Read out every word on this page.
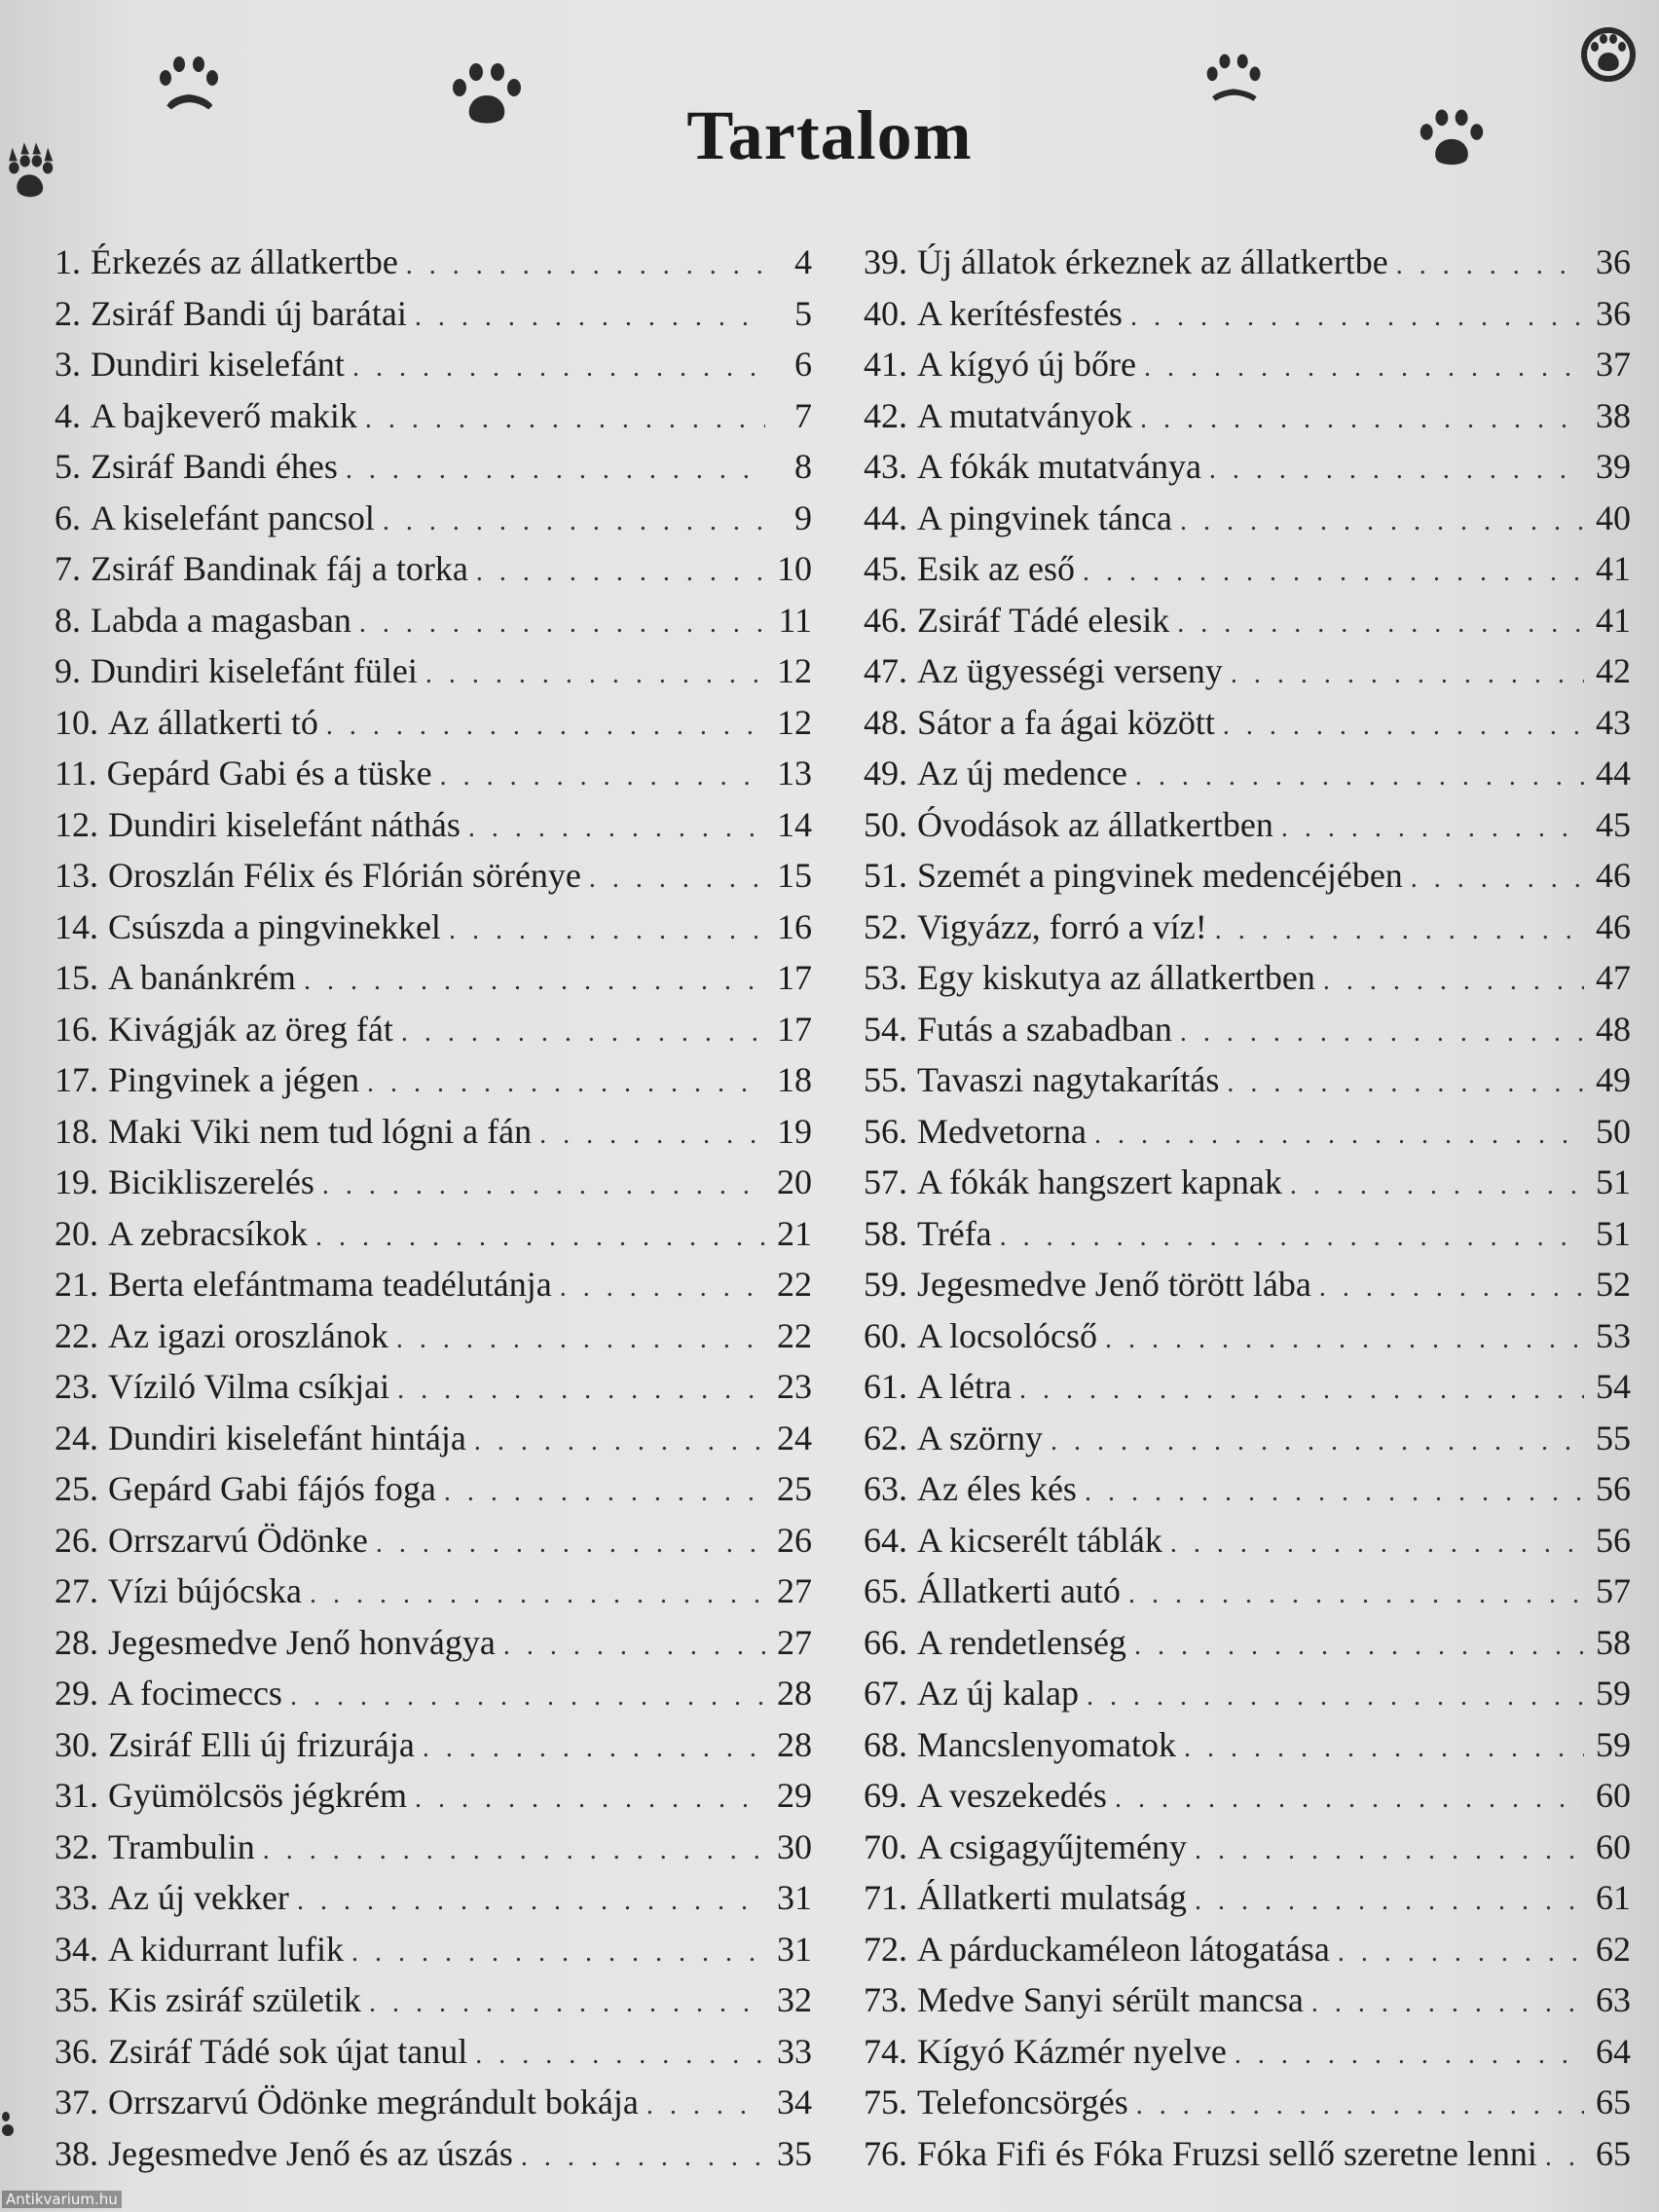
Tartalom
1. Érkezés az állatkertbe . . .	4
2. Zsiráf Bandi új barátai . . .	5
3. Dundiri kiselefánt . . .	6
4. A bajkeverő makik . . .	7
5. Zsiráf Bandi éhes . . .	8
6. A kiselefánt pancsol . . .	9
7. Zsiráf Bandinak fáj a torka . . .	10
8. Labda a magasban . . .	11
9. Dundiri kiselefánt fülei . . .	12
10. Az állatkerti tó . . .	12
11. Gepárd Gabi és a tüske . . .	13
12. Dundiri kiselefánt náthás . . .	14
13. Oroszlán Félix és Flórián sörénye . . .	15
14. Csúszda a pingvinekkel . . .	16
15. A banánkrém . . .	17
16. Kivágják az öreg fát . . .	17
17. Pingvinek a jégen . . .	18
18. Maki Viki nem tud lógni a fán . . .	19
19. Bicikliszerelés . . .	20
20. A zebracsíkok . . .	21
21. Berta elefántmama teadélutánja . . .	22
22. Az igazi oroszlánok . . .	22
23. Víziló Vilma csíkjai . . .	23
24. Dundiri kiselefánt hintája . . .	24
25. Gepárd Gabi fájós foga . . .	25
26. Orrszarvú Ödönke . . .	26
27. Vízi bújócska . . .	27
28. Jegesmedve Jenő honvágya . . .	27
29. A focimeccs . . .	28
30. Zsiráf Elli új frizurája . . .	28
31. Gyümölcsös jégkrém . . .	29
32. Trambulin . . .	30
33. Az új vekker . . .	31
34. A kidurrant lufik . . .	31
35. Kis zsiráf születik . . .	32
36. Zsiráf Tádé sok újat tanul . . .	33
37. Orrszarvú Ödönke megrándult bokája . . .	34
38. Jegesmedve Jenő és az úszás . . .	35
39. Új állatok érkeznek az állatkertbe . . .	36
40. A kerítésfestés . . .	36
41. A kígyó új bőre . . .	37
42. A mutatványok . . .	38
43. A fókák mutatványa . . .	39
44. A pingvinek tánca . . .	40
45. Esik az eső . . .	41
46. Zsiráf Tádé elesik . . .	41
47. Az ügyességi verseny . . .	42
48. Sátor a fa ágai között . . .	43
49. Az új medence . . .	44
50. Óvodások az állatkertben . . .	45
51. Szemét a pingvinek medencéjében . . .	46
52. Vigyázz, forró a víz! . . .	46
53. Egy kiskutya az állatkertben . . .	47
54. Futás a szabadban . . .	48
55. Tavaszi nagytakarítás . . .	49
56. Medvetorna . . .	50
57. A fókák hangszert kapnak . . .	51
58. Tréfa . . .	51
59. Jegesmedve Jenő törött lába . . .	52
60. A locsolócső . . .	53
61. A létra . . .	54
62. A szörny . . .	55
63. Az éles kés . . .	56
64. A kicserélt táblák . . .	56
65. Állatkerti autó . . .	57
66. A rendetlenség . . .	58
67. Az új kalap . . .	59
68. Mancslenyomatok . . .	59
69. A veszekedés . . .	60
70. A csigagyűjtemény . . .	60
71. Állatkerti mulatság . . .	61
72. A párduckaméleon látogatása . . .	62
73. Medve Sanyi sérült mancsa . . .	63
74. Kígyó Kázmér nyelve . . .	64
75. Telefoncsörgés . . .	65
76. Fóka Fifi és Fóka Fruzsi sellő szeretne lenni . . . 65
Antikvarium.hu
